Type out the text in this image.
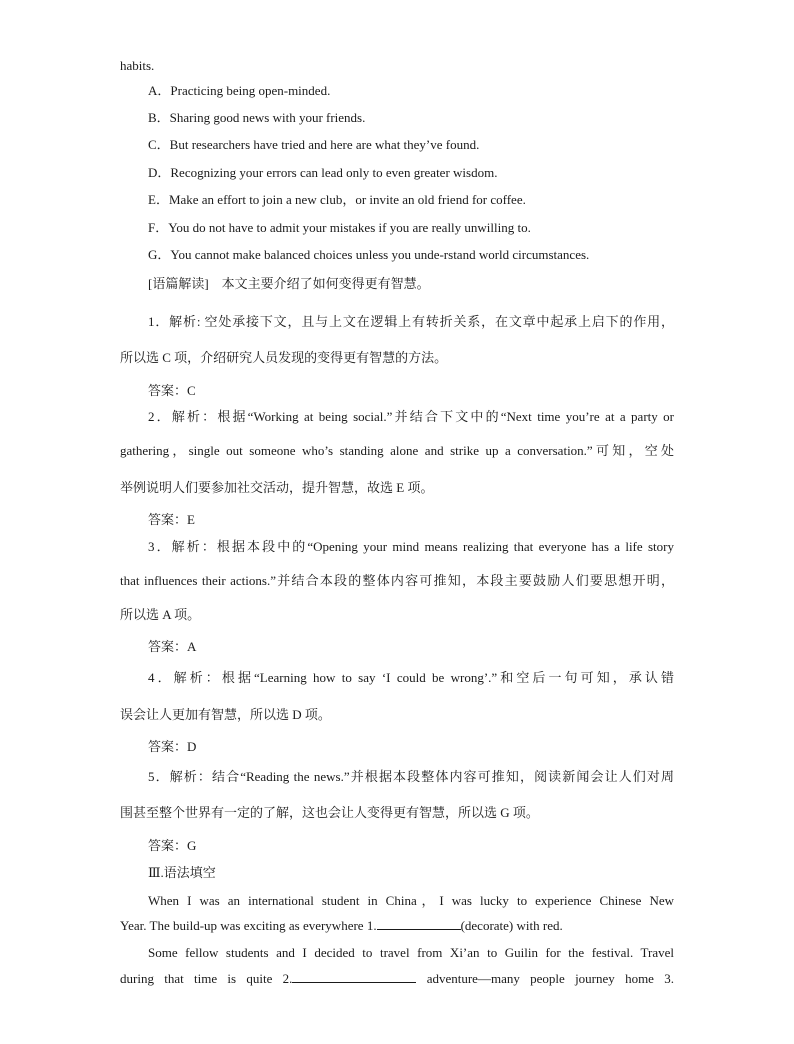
habits.
A．Practicing being open-minded.
B．Sharing good news with your friends.
C．But researchers have tried and here are what they’ve found.
D．Recognizing your errors can lead only to even greater wisdom.
E．Make an effort to join a new club，or invite an old friend for coffee.
F．You do not have to admit your mistakes if you are really unwilling to.
G．You cannot make balanced choices unless you unde-rstand world circumstances.
[语篇解读]　本文主要介绍了如何变得更有智慧。
1．解析: 空处承接下文，且与上文在逻辑上有转折关系，在文章中起承上启下的作用，
所以选 C 项，介绍研究人员发现的变得更有智慧的方法。
答案：C
2．解析：根据“Working at being social.”并结合下文中的“Next time you’re at a party or
gathering，single out someone who’s standing alone and strike up a conversation.”可知，空处
举例说明人们要参加社交活动，提升智慧，故选 E 项。
答案：E
3．解析：根据本段中的“Opening your mind means realizing that everyone has a life story
that influences their actions.”并结合本段的整体内容可推知，本段主要鼓励人们要思想开明，
所以选 A 项。
答案：A
4．解析：根据“Learning how to say ‘I could be wrong’.”和空后一句可知，承认错
误会让人更加有智慧，所以选 D 项。
答案：D
5．解析：结合“Reading the news.”并根据本段整体内容可推知，阅读新闻会让人们对周
围甚至整个世界有一定的了解，这也会让人变得更有智慧，所以选 G 项。
答案：G
Ⅲ.语法填空
When I was an international student in China，I was lucky to experience Chinese New
Year. The build-up was exciting as everywhere 1.	(decorate) with red.
Some fellow students and I decided to travel from Xi’an to Guilin for the festival. Travel
during that time is quite 2.	adventure—many people journey home 3.
